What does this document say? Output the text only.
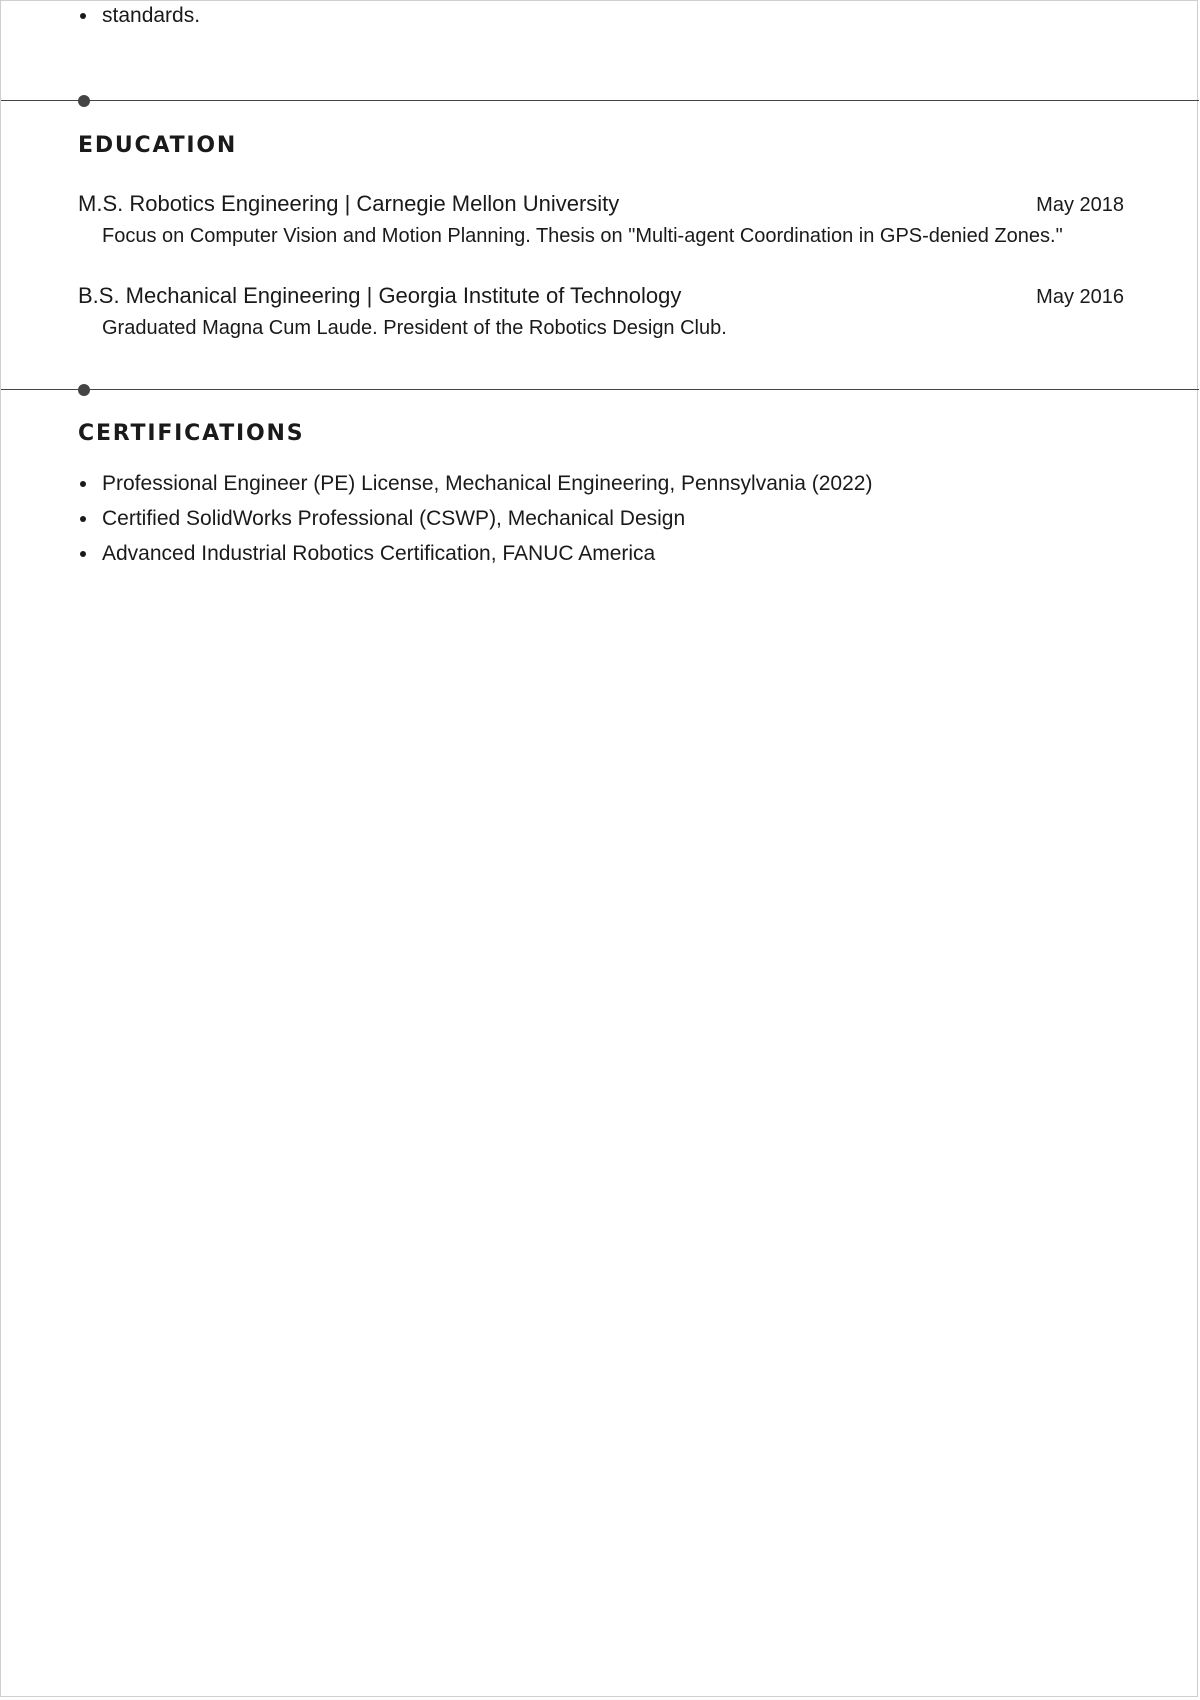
standards.
EDUCATION
M.S. Robotics Engineering | Carnegie Mellon University	May 2018
Focus on Computer Vision and Motion Planning. Thesis on "Multi-agent Coordination in GPS-denied Zones."
B.S. Mechanical Engineering | Georgia Institute of Technology	May 2016
Graduated Magna Cum Laude. President of the Robotics Design Club.
CERTIFICATIONS
Professional Engineer (PE) License, Mechanical Engineering, Pennsylvania (2022)
Certified SolidWorks Professional (CSWP), Mechanical Design
Advanced Industrial Robotics Certification, FANUC America
